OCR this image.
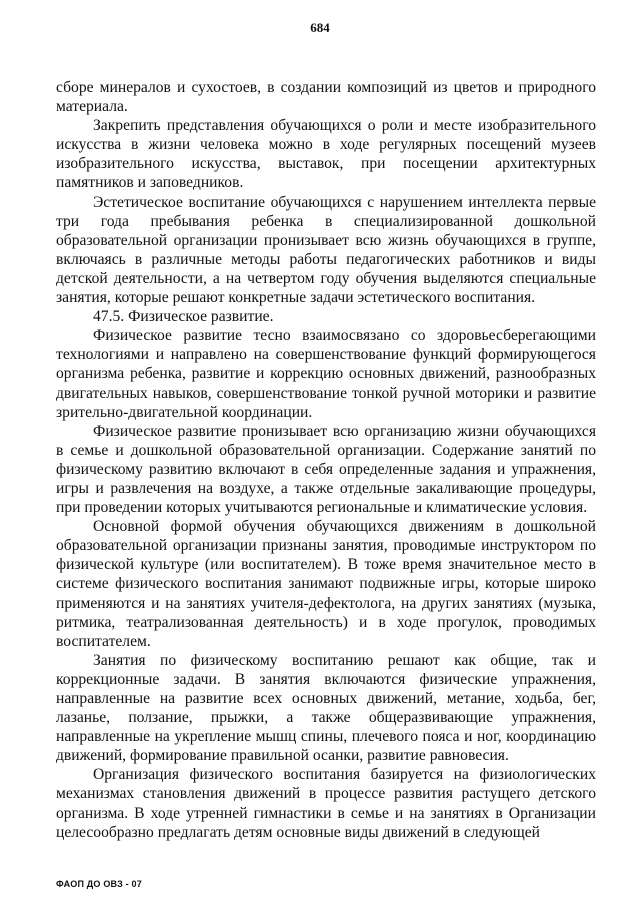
684

сборе минералов и сухостоев, в создании композиций из цветов и природного материала.

Закрепить представления обучающихся о роли и месте изобразительного искусства в жизни человека можно в ходе регулярных посещений музеев изобразительного искусства, выставок, при посещении архитектурных памятников и заповедников.

Эстетическое воспитание обучающихся с нарушением интеллекта первые три года пребывания ребенка в специализированной дошкольной образовательной организации пронизывает всю жизнь обучающихся в группе, включаясь в различные методы работы педагогических работников и виды детской деятельности, а на четвертом году обучения выделяются специальные занятия, которые решают конкретные задачи эстетического воспитания.

47.5. Физическое развитие.

Физическое развитие тесно взаимосвязано со здоровьесберегающими технологиями и направлено на совершенствование функций формирующегося организма ребенка, развитие и коррекцию основных движений, разнообразных двигательных навыков, совершенствование тонкой ручной моторики и развитие зрительно-двигательной координации.

Физическое развитие пронизывает всю организацию жизни обучающихся в семье и дошкольной образовательной организации. Содержание занятий по физическому развитию включают в себя определенные задания и упражнения, игры и развлечения на воздухе, а также отдельные закаливающие процедуры, при проведении которых учитываются региональные и климатические условия.

Основной формой обучения обучающихся движениям в дошкольной образовательной организации признаны занятия, проводимые инструктором по физической культуре (или воспитателем). В тоже время значительное место в системе физического воспитания занимают подвижные игры, которые широко применяются и на занятиях учителя-дефектолога, на других занятиях (музыка, ритмика, театрализованная деятельность) и в ходе прогулок, проводимых воспитателем.

Занятия по физическому воспитанию решают как общие, так и коррекционные задачи. В занятия включаются физические упражнения, направленные на развитие всех основных движений, метание, ходьба, бег, лазанье, ползание, прыжки, а также общеразвивающие упражнения, направленные на укрепление мышц спины, плечевого пояса и ног, координацию движений, формирование правильной осанки, развитие равновесия.

Организация физического воспитания базируется на физиологических механизмах становления движений в процессе развития растущего детского организма. В ходе утренней гимнастики в семье и на занятиях в Организации целесообразно предлагать детям основные виды движений в следующей

ФАОП ДО ОВЗ - 07
